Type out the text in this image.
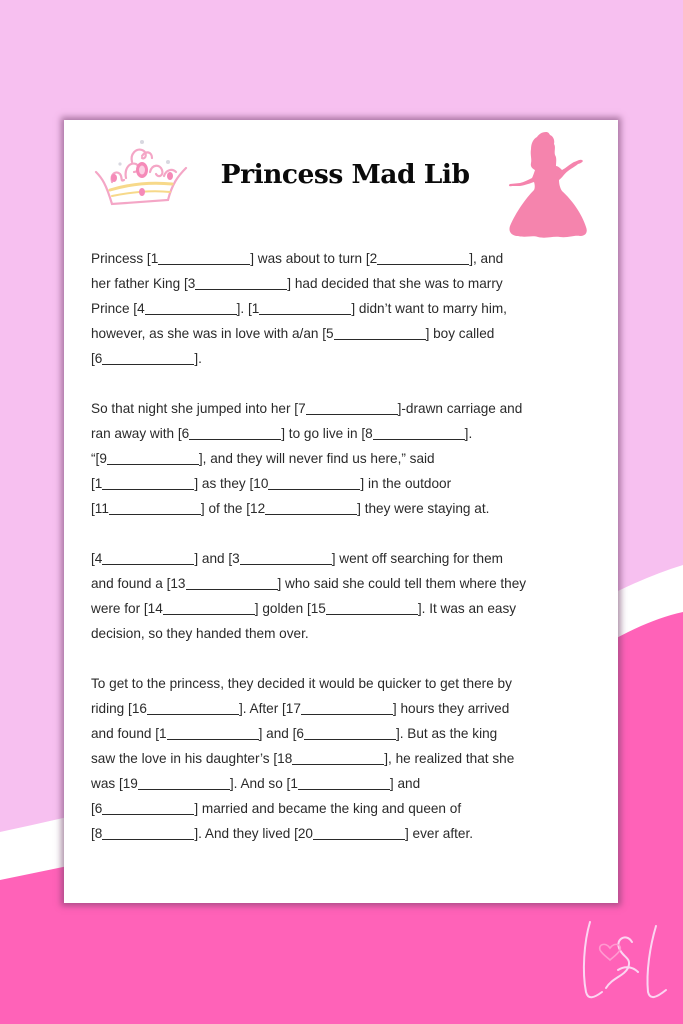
Princess Mad Lib
Princess [1	] was about to turn [2	], and
her father King [3	] had decided that she was to marry
Prince [4	]. [1	] didn’t want to marry him,
however, as she was in love with a/an [5	] boy called
[6	].
So that night she jumped into her [7	]-drawn carriage and
ran away with [6	] to go live in [8	].
“[9	], and they will never find us here,” said
[1	] as they [10	] in the outdoor
[11	] of the [12	] they were staying at.
[4	] and [3	] went off searching for them
and found a [13	] who said she could tell them where they
were for [14	] golden [15	]. It was an easy
decision, so they handed them over.
To get to the princess, they decided it would be quicker to get there by
riding [16	]. After [17	] hours they arrived
and found [1	] and [6	]. But as the king
saw the love in his daughter’s [18	], he realized that she
was [19	]. And so [1	] and
[6	] married and became the king and queen of
[8	]. And they lived [20	] ever after.
